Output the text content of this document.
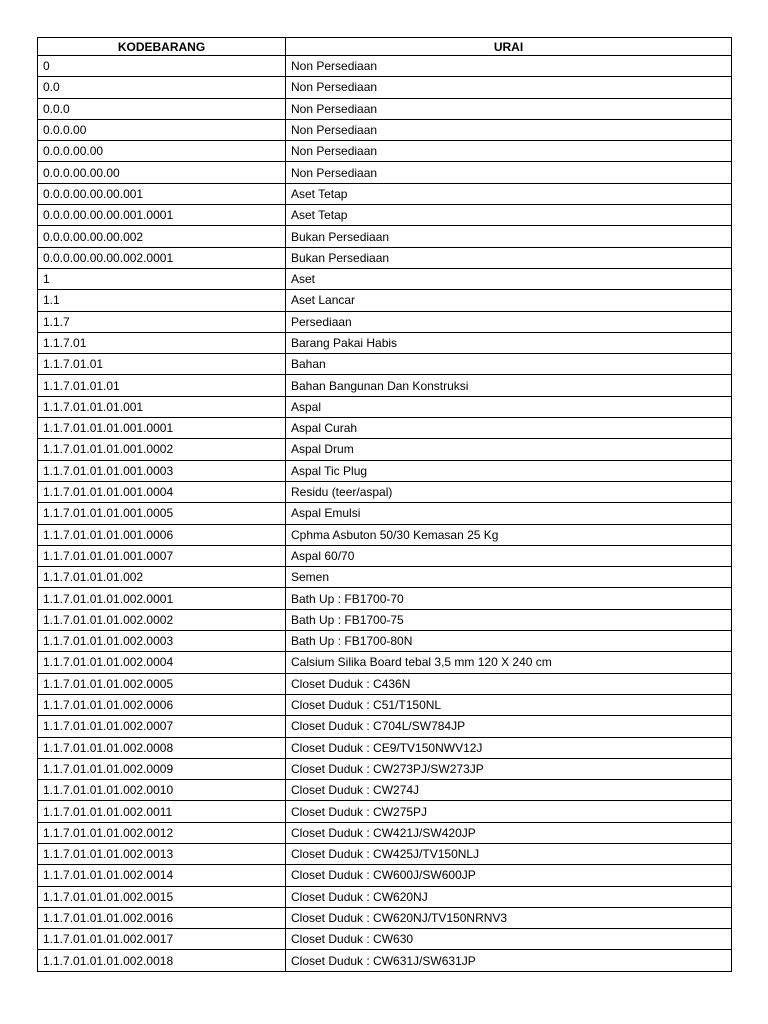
KODEBARANG	URAI
0	Non Persediaan
0.0	Non Persediaan
0.0.0	Non Persediaan
0.0.0.00	Non Persediaan
0.0.0.00.00	Non Persediaan
0.0.0.00.00.00	Non Persediaan
0.0.0.00.00.00.001	Aset Tetap
0.0.0.00.00.00.001.0001	Aset Tetap
0.0.0.00.00.00.002	Bukan Persediaan
0.0.0.00.00.00.002.0001	Bukan Persediaan
1	Aset
1.1	Aset Lancar
1.1.7	Persediaan
1.1.7.01	Barang Pakai Habis
1.1.7.01.01	Bahan
1.1.7.01.01.01	Bahan Bangunan Dan Konstruksi
1.1.7.01.01.01.001	Aspal
1.1.7.01.01.01.001.0001	Aspal Curah
1.1.7.01.01.01.001.0002	Aspal Drum
1.1.7.01.01.01.001.0003	Aspal Tic Plug
1.1.7.01.01.01.001.0004	Residu (teer/aspal)
1.1.7.01.01.01.001.0005	Aspal Emulsi
1.1.7.01.01.01.001.0006	Cphma Asbuton 50/30 Kemasan 25 Kg
1.1.7.01.01.01.001.0007	Aspal 60/70
1.1.7.01.01.01.002	Semen
1.1.7.01.01.01.002.0001	Bath Up : FB1700-70
1.1.7.01.01.01.002.0002	Bath Up : FB1700-75
1.1.7.01.01.01.002.0003	Bath Up : FB1700-80N
1.1.7.01.01.01.002.0004	Calsium Silika Board tebal 3,5 mm 120 X 240 cm
1.1.7.01.01.01.002.0005	Closet Duduk : C436N
1.1.7.01.01.01.002.0006	Closet Duduk : C51/T150NL
1.1.7.01.01.01.002.0007	Closet Duduk : C704L/SW784JP
1.1.7.01.01.01.002.0008	Closet Duduk : CE9/TV150NWV12J
1.1.7.01.01.01.002.0009	Closet Duduk : CW273PJ/SW273JP
1.1.7.01.01.01.002.0010	Closet Duduk : CW274J
1.1.7.01.01.01.002.0011	Closet Duduk : CW275PJ
1.1.7.01.01.01.002.0012	Closet Duduk : CW421J/SW420JP
1.1.7.01.01.01.002.0013	Closet Duduk : CW425J/TV150NLJ
1.1.7.01.01.01.002.0014	Closet Duduk : CW600J/SW600JP
1.1.7.01.01.01.002.0015	Closet Duduk : CW620NJ
1.1.7.01.01.01.002.0016	Closet Duduk : CW620NJ/TV150NRNV3
1.1.7.01.01.01.002.0017	Closet Duduk : CW630
1.1.7.01.01.01.002.0018	Closet Duduk : CW631J/SW631JP
